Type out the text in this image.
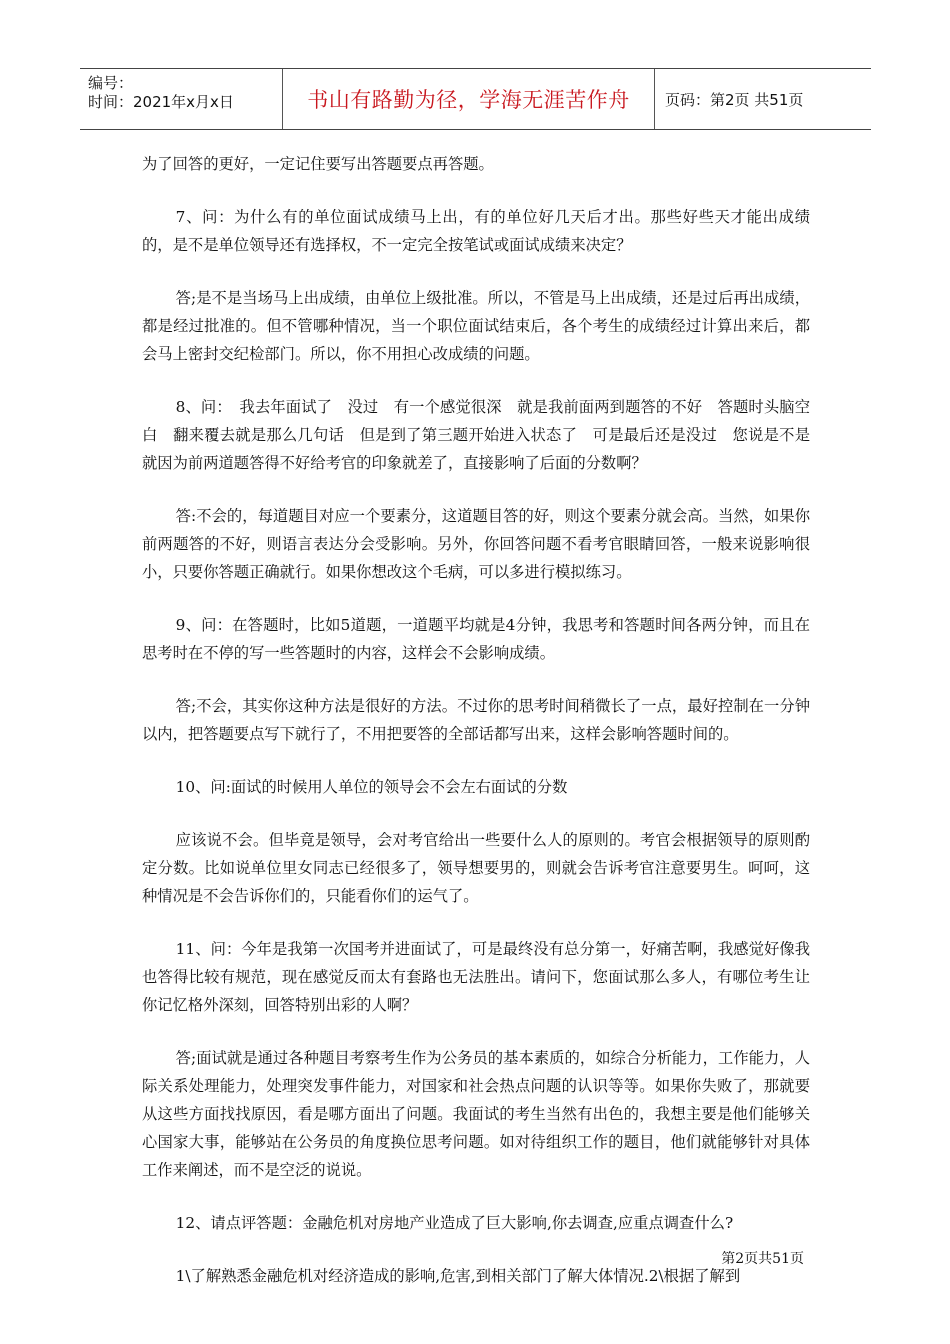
编号：
时间：2021年x月x日	书山有路勤为径，学海无涯苦作舟	页码：第2页 共51页

为了回答的更好，一定记住要写出答题要点再答题。

7、问：为什么有的单位面试成绩马上出，有的单位好几天后才出。那些好些天才能出成绩的，是不是单位领导还有选择权，不一定完全按笔试或面试成绩来决定？

答;是不是当场马上出成绩，由单位上级批准。所以，不管是马上出成绩，还是过后再出成绩，都是经过批准的。但不管哪种情况，当一个职位面试结束后，各个考生的成绩经过计算出来后，都会马上密封交纪检部门。所以，你不用担心改成绩的问题。

8、问：　我去年面试了　没过　有一个感觉很深　就是我前面两到题答的不好　答题时头脑空白　翻来覆去就是那么几句话　但是到了第三题开始进入状态了　可是最后还是没过　您说是不是就因为前两道题答得不好给考官的印象就差了，直接影响了后面的分数啊？

答:不会的，每道题目对应一个要素分，这道题目答的好，则这个要素分就会高。当然，如果你前两题答的不好，则语言表达分会受影响。另外，你回答问题不看考官眼睛回答，一般来说影响很小，只要你答题正确就行。如果你想改这个毛病，可以多进行模拟练习。

9、问：在答题时，比如5道题，一道题平均就是4分钟，我思考和答题时间各两分钟，而且在思考时在不停的写一些答题时的内容，这样会不会影响成绩。

答;不会，其实你这种方法是很好的方法。不过你的思考时间稍微长了一点，最好控制在一分钟以内，把答题要点写下就行了，不用把要答的全部话都写出来，这样会影响答题时间的。

10、问:面试的时候用人单位的领导会不会左右面试的分数

应该说不会。但毕竟是领导，会对考官给出一些要什么人的原则的。考官会根据领导的原则酌定分数。比如说单位里女同志已经很多了，领导想要男的，则就会告诉考官注意要男生。呵呵，这种情况是不会告诉你们的，只能看你们的运气了。

11、问：今年是我第一次国考并进面试了，可是最终没有总分第一，好痛苦啊，我感觉好像我也答得比较有规范，现在感觉反而太有套路也无法胜出。请问下，您面试那么多人，有哪位考生让你记忆格外深刻，回答特别出彩的人啊？

答;面试就是通过各种题目考察考生作为公务员的基本素质的，如综合分析能力，工作能力，人际关系处理能力，处理突发事件能力，对国家和社会热点问题的认识等等。如果你失败了，那就要从这些方面找找原因，看是哪方面出了问题。我面试的考生当然有出色的，我想主要是他们能够关心国家大事，能够站在公务员的角度换位思考问题。如对待组织工作的题目，他们就能够针对具体工作来阐述，而不是空泛的说说。

12、请点评答题：金融危机对房地产业造成了巨大影响,你去调查,应重点调查什么?

1\了解熟悉金融危机对经济造成的影响,危害,到相关部门了解大体情况.2\根据了解到

第2页共51页
